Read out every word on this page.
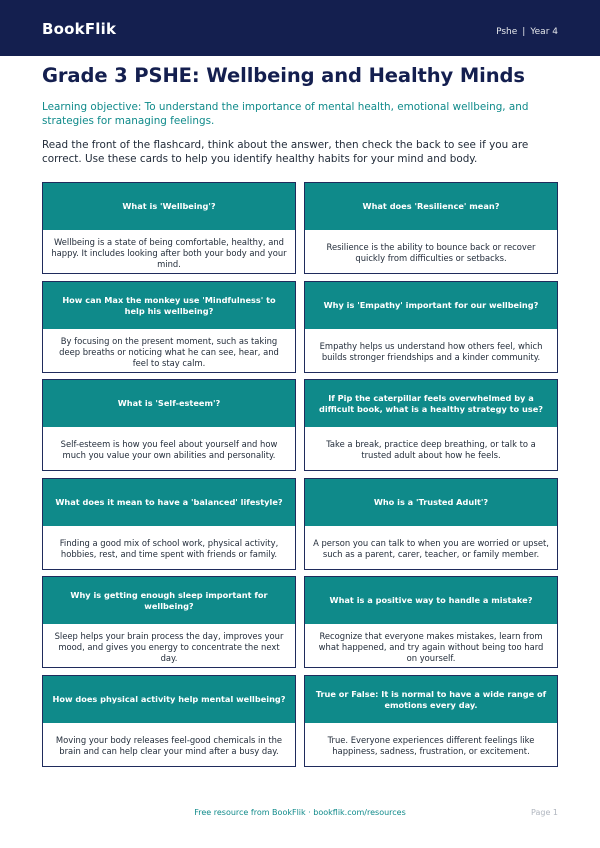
BookFlik	Pshe | Year 4
Grade 3 PSHE: Wellbeing and Healthy Minds
Learning objective: To understand the importance of mental health, emotional wellbeing, and strategies for managing feelings.
Read the front of the flashcard, think about the answer, then check the back to see if you are correct. Use these cards to help you identify healthy habits for your mind and body.
What is 'Wellbeing'?
Wellbeing is a state of being comfortable, healthy, and happy. It includes looking after both your body and your mind.
What does 'Resilience' mean?
Resilience is the ability to bounce back or recover quickly from difficulties or setbacks.
How can Max the monkey use 'Mindfulness' to help his wellbeing?
By focusing on the present moment, such as taking deep breaths or noticing what he can see, hear, and feel to stay calm.
Why is 'Empathy' important for our wellbeing?
Empathy helps us understand how others feel, which builds stronger friendships and a kinder community.
What is 'Self-esteem'?
Self-esteem is how you feel about yourself and how much you value your own abilities and personality.
If Pip the caterpillar feels overwhelmed by a difficult book, what is a healthy strategy to use?
Take a break, practice deep breathing, or talk to a trusted adult about how he feels.
What does it mean to have a 'balanced' lifestyle?
Finding a good mix of school work, physical activity, hobbies, rest, and time spent with friends or family.
Who is a 'Trusted Adult'?
A person you can talk to when you are worried or upset, such as a parent, carer, teacher, or family member.
Why is getting enough sleep important for wellbeing?
Sleep helps your brain process the day, improves your mood, and gives you energy to concentrate the next day.
What is a positive way to handle a mistake?
Recognize that everyone makes mistakes, learn from what happened, and try again without being too hard on yourself.
How does physical activity help mental wellbeing?
Moving your body releases feel-good chemicals in the brain and can help clear your mind after a busy day.
True or False: It is normal to have a wide range of emotions every day.
True. Everyone experiences different feelings like happiness, sadness, frustration, or excitement.
Free resource from BookFlik · bookflik.com/resources	Page 1
